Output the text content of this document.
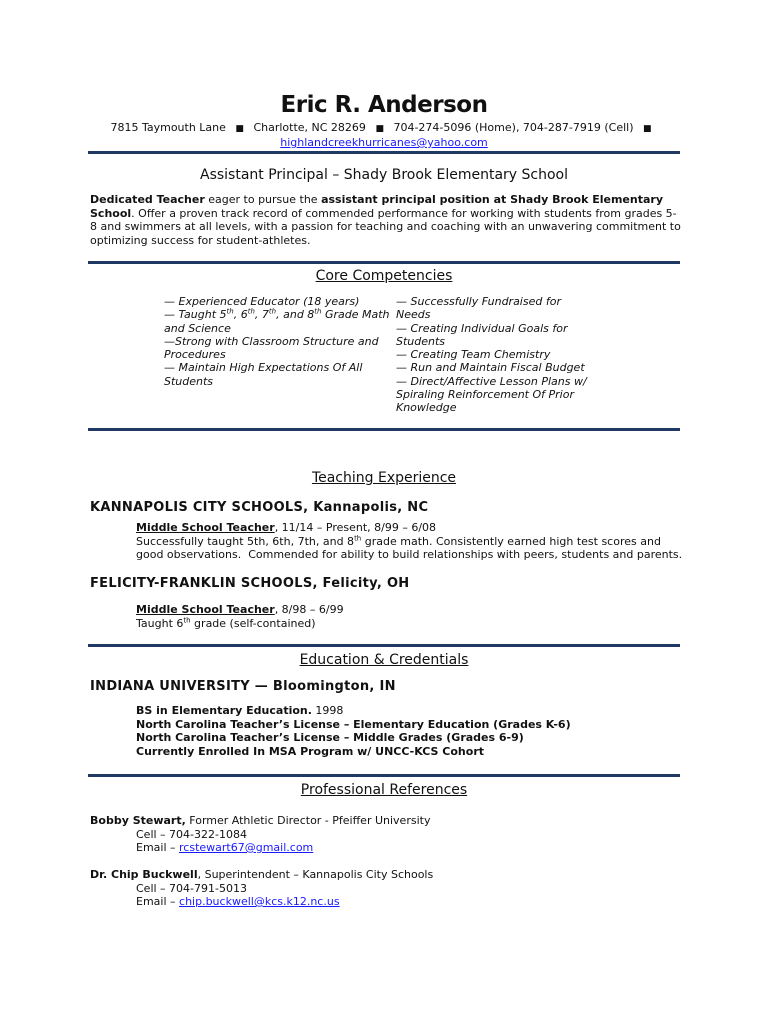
Eric R. Anderson
7815 Taymouth Lane ■ Charlotte, NC 28269 ■ 704-274-5096 (Home), 704-287-7919 (Cell) ■
highlandcreekhurricanes@yahoo.com
Assistant Principal – Shady Brook Elementary School
Dedicated Teacher eager to pursue the assistant principal position at Shady Brook Elementary School. Offer a proven track record of commended performance for working with students from grades 5-8 and swimmers at all levels, with a passion for teaching and coaching with an unwavering commitment to optimizing success for student-athletes.
Core Competencies
— Experienced Educator (18 years)
— Taught 5th, 6th, 7th, and 8th Grade Math and Science
—Strong with Classroom Structure and Procedures
— Maintain High Expectations Of All Students
— Successfully Fundraised for Needs
— Creating Individual Goals for Students
— Creating Team Chemistry
— Run and Maintain Fiscal Budget
— Direct/Affective Lesson Plans w/ Spiraling Reinforcement Of Prior Knowledge
Teaching Experience
KANNAPOLIS CITY SCHOOLS, Kannapolis, NC
Middle School Teacher, 11/14 – Present, 8/99 – 6/08
Successfully taught 5th, 6th, 7th, and 8th grade math. Consistently earned high test scores and good observations.  Commended for ability to build relationships with peers, students and parents.
FELICITY-FRANKLIN SCHOOLS, Felicity, OH
Middle School Teacher, 8/98 – 6/99
Taught 6th grade (self-contained)
Education & Credentials
INDIANA UNIVERSITY — Bloomington, IN
BS in Elementary Education. 1998
North Carolina Teacher’s License – Elementary Education (Grades K-6)
North Carolina Teacher’s License – Middle Grades (Grades 6-9)
Currently Enrolled In MSA Program w/ UNCC-KCS Cohort
Professional References
Bobby Stewart, Former Athletic Director - Pfeiffer University
Cell – 704-322-1084
Email – rcstewart67@gmail.com
Dr. Chip Buckwell, Superintendent – Kannapolis City Schools
Cell – 704-791-5013
Email – chip.buckwell@kcs.k12.nc.us
